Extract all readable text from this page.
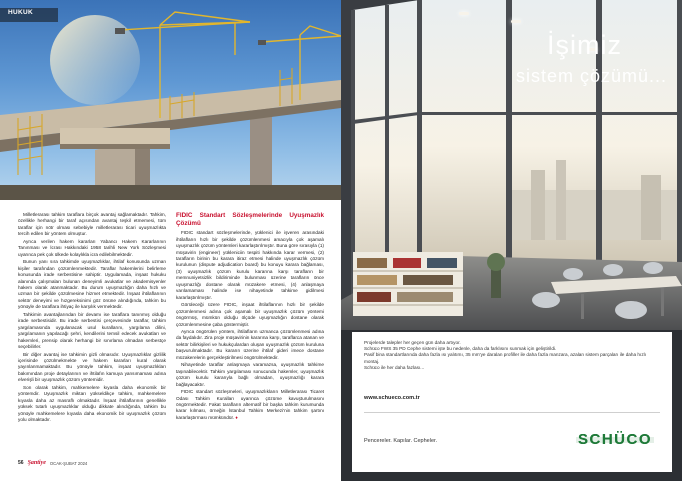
HUKUK

Milletlerarası tahkim taraflara birçok avantaj sağlamaktadır. Tahkim, özellikle herhangi bir taraf açısından avantaj teşkil etmemesi, tüm taraflar için nötr olması sebebiyle milletlerarası ticari uyuşmazlıkta tercih edilen bir yöntem olmuştur.

Ayrıca verilen hakem kararları Yabancı Hakem Kararlarının Tanınması ve İcrası Hakkındaki 1958 tarihli New York Sözleşmesi uyarınca pek çok ülkede kolaylıkla icra edilebilmektedir.

Bunun yanı sıra tahkimde uyuşmazlıklar, ihtilaf konusunda uzman kişiler tarafından çözümlenmektedir. Taraflar hakemlerini belirleme konusunda irade serbestisine sahiptir. Uygulamada, inşaat hukuku alanında çalışmaları bulunan deneyimli avukatlar ve akademisyenler hakem olarak atanmaktadır. Bu durum uyuşmazlığın daha hızlı ve uzman bir şekilde çözülmesine hizmet etmektedir. İnşaat ihtilaflarının sektör deneyimi ve hızgereksinimi göz önüne alındığında, tahkim bu yönüyle de taraflara ihtiyaç ile karşılık vermektedir.

Tahkimin avantajlarından bir devamı ise taraflara tanınmış olduğu irade serbestisidir. Bu irade serbestisi çerçevesinde taraflar, tahkim yargılamasında uygulanacak usul kurallarını, yargılama dilini, yargılamanın yapılacağı şehri, kendilerini temsil edecek avukatları ve hakemleri, prensip olarak herhangi bir sınırlama olmadan serbestçe seçebilirler.

Bir diğer avantaj ise tahkimin gizli olmasıdır. Uyuşmazlıklar gizlilik içerisinde çözülmekmekte ve hakem kararları kural olarak yayınlanmamaktadır. Bu yönüyle tahkim, inşaat uyuşmazlıkları bakımından proje detaylarının ve ihtilafın kamuya yansımaması adına elverişli bir uyuşmazlık çözüm yöntemidir.

Son olarak tahkim, mahkemelere kıyasla daha ekonomik bir yöntemdir. Uyuşmazlık miktarı yükseldikçe tahkim, mahkemelere kıyasla daha az masraflı olmaktadır. İnşaat ihtilaflarının genellikle yüksek tutarlı uyuşmazlıklar olduğu dikkate alındığında, tahkim bu yönüyle mahkemelere kıyasla daha ekonomik bir uyuşmazlık çözüm yolu olmaktadır.

FIDIC Standart Sözleşmelerinde Uyuşmazlık Çözümü

FIDIC standart sözleşmelerinde, yüklenici ile işveren arasındaki ihtilafların hızlı bir şekilde çözümlenmesi amacıyla çok aşamalı uyuşmazlık çözüm yöntemleri kararlaştırılmıştır. Buna göre sırasıyla (1) müşavirin (engineer) yükleniciin tespiti hakkında karar vermesi, (2) tarafların birinin bu karara itiraz etmesi halinde uyuşmazlık çözüm kurulunun (dispute adjudication board) bu konuyu karara bağlaması, (3) uyuşmazlık çözüm kurulu kararına karşı tarafların bir memnuniyetsizlik bildiriminde bulunması üzerine tarafların önce uyuşmazlığı dostane olarak müzakere etmesi, (4) anlaşmaya varılamaması halinde ise nihayetinde tahkime gidilmesi kararlaştırılmıştır.

Görüleceği üzere FIDIC, inşaat ihtilaflarının hızlı bir şekilde çözümlenmesi adına çok aşamalı bir uyuşmazlık çözüm yöntemi öngörmüş, mümkün olduğu ölçüde uyuşmazlığın dostane olarak çözümlenmesine çaba göstermiştir.

Ayrıca öngörülen yöntem, ihtilafların uzmanca çözümlenmesi adına da faydalıdır. Zira proje müşavirinin kararına karşı, taraflarca atanan ve sektör bilirkişileri ve hukukçulardan oluşan uyuşmazlık çözüm kuruluna başvurulmaktadır. Bu kararın üzerine ihtilaf gideri imece dostane müzakerelerin gerçekleştirilmesi öngörülmektedir.

Nihayetinde taraflar anlaşmaya varamazsa, uyuşmazlık tahkime taşınabilecektir. Tahkim yargılaması sonucunda hakemler, uyuşmazlık çözüm kurulu kararıyla bağlı olmadan, uyuşmazlığı karara bağlayacaktır.

FIDIC standart sözleşmeleri, uyuşmazlıkların Milletlerarası Ticaret Odası Tahkim Kuralları uyarınca çözüme kavuşturulmasını öngörmektedir. Fakat tarafların alternatif bir başka tahkim kurumunda karar kılması, örneğin İstanbul Tahkim Merkezi'nin tahkim şartını kararlaştırması mümkündür. ♦

56 Şantiye OCAK-ŞUBAT 2024
İşimiz
sistem çözümü...

Projelerde talepler her geçen gün daha artıyor.

Schüco FWS 35 PD Cephe sistemi işte bu nedenle, daha da farklısını sunmak için geliştirildi.

Pasif bina standartlarında daha fazla ısı yalıtımı, 35 mm'ye daralan profiller ile daha fazla manzara, azalan sistem parçaları ile daha hızlı montaj.

Schüco ile her daha fazlası...

www.schueco.com.tr
Pencereler. Kapılar. Cepheler.	SCHÜCO
